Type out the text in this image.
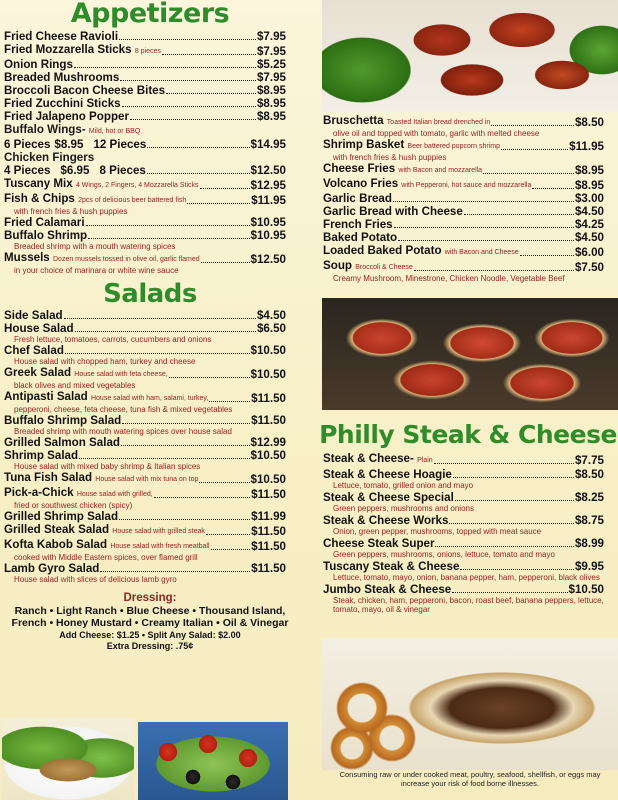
Appetizers
Fried Cheese Ravioli	$7.95
Fried Mozzarella Sticks 8 pieces	$7.95
Onion Rings	$5.25
Breaded Mushrooms	$7.95
Broccoli Bacon Cheese Bites	$8.95
Fried Zucchini Sticks	$8.95
Fried Jalapeno Popper	$8.95
Buffalo Wings- Mild, hot or BBQ
6 Pieces $8.95 12 Pieces	$14.95
Chicken Fingers
4 Pieces $6.95 8 Pieces	$12.50
Tuscany Mix 4 Wings, 2 Fingers, 4 Mozzarella Sticks	$12.95
Fish & Chips 2pcs of delicious beer battered fish	$11.95
with french fries & hush puppies
Fried Calamari	$10.95
Buffalo Shrimp	$10.95
Breaded shrimp with a mouth watering spices
Mussels Dozen mussels tossed in olive oil, garlic flamed	$12.50
in your choice of marinara or white wine sauce
Salads
Side Salad	$4.50
House Salad	$6.50
Fresh lettuce, tomatoes, carrots, cucumbers and onions
Chef Salad	$10.50
House salad with chopped ham, turkey and cheese
Greek Salad House salad with feta cheese,	$10.50
black olives and mixed vegetables
Antipasti Salad House salad with ham, salami, turkey,	$11.50
pepperoni, cheese, feta cheese, tuna fish & mixed vegetables
Buffalo Shrimp Salad	$11.50
Breaded shrimp with mouth watering spices over house salad
Grilled Salmon Salad	$12.99
Shrimp Salad	$10.50
House salad with mixed baby shrimp & Italian spices
Tuna Fish Salad House salad with mix tuna on top	$10.50
Pick-a-Chick House salad with grilled,	$11.50
fried or southwest chicken (spicy)
Grilled Shrimp Salad	$11.99
Grilled Steak Salad House salad with grilled steak	$11.50
Kofta Kabob Salad House salad with fresh meatball	$11.50
cooked with Middle Eastern spices, over flamed grill
Lamb Gyro Salad	$11.50
House salad with slices of delicious lamb gyro
Dressing:
Ranch • Light Ranch • Blue Cheese • Thousand Island,
French • Honey Mustard • Creamy Italian • Oil & Vinegar
Add Cheese: $1.25 • Split Any Salad: $2.00
Extra Dressing: .75¢
Bruschetta Toasted Italian bread drenched in	$8.50
olive oil and topped with tomato, garlic with melted cheese
Shrimp Basket Beer battered popcorn shrimp	$11.95
with french fries & hush puppies
Cheese Fries with Bacon and mozzarella	$8.95
Volcano Fries with Pepperoni, hot sauce and mozzarella	$8.95
Garlic Bread	$3.00
Garlic Bread with Cheese	$4.50
French Fries	$4.25
Baked Potato	$4.50
Loaded Baked Potato with Bacon and Cheese	$6.00
Soup Broccoli & Cheese	$7.50
Creamy Mushroom, Minestrone, Chicken Noodle, Vegetable Beef
Philly Steak & Cheese
Steak & Cheese- Plain	$7.75
Steak & Cheese Hoagie	$8.50
Lettuce, tomato, grilled onion and mayo
Steak & Cheese Special	$8.25
Green peppers, mushrooms and onions
Steak & Cheese Works	$8.75
Onion, green pepper, mushrooms, topped with meat sauce
Cheese Steak Super	$8.99
Green peppers, mushrooms, onions, lettuce, tomato and mayo
Tuscany Steak & Cheese	$9.95
Lettuce, tomato, mayo, onion, banana pepper, ham, pepperoni, black olives
Jumbo Steak & Cheese	$10.50
Steak, chicken, ham, pepperoni, bacon, roast beef, banana peppers, lettuce, tomato, mayo, oil & vinegar
Consuming raw or under cooked meat, poultry, seafood, shellfish, or eggs may increase your risk of food borne illnesses.
